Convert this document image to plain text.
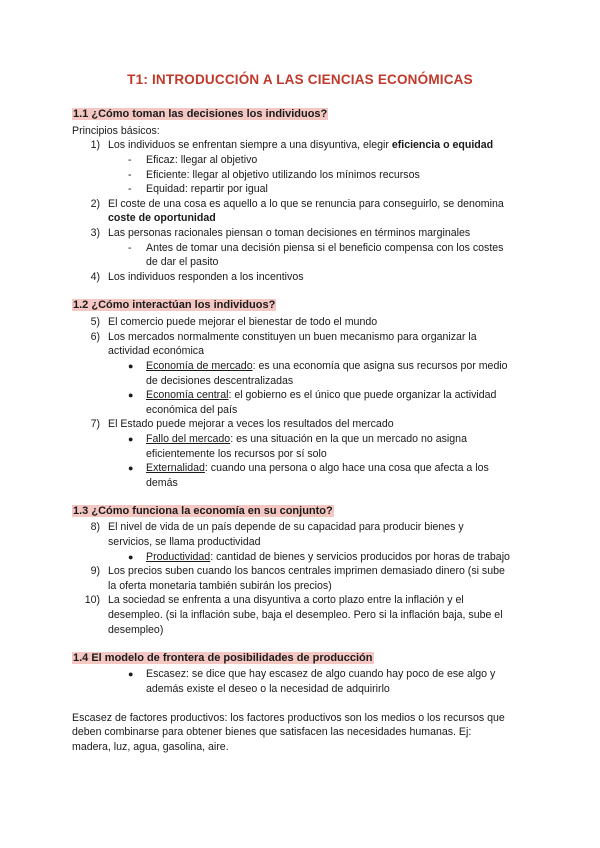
T1: INTRODUCCIÓN A LAS CIENCIAS ECONÓMICAS
1.1 ¿Cómo toman las decisiones los individuos?
Principios básicos:
1) Los individuos se enfrentan siempre a una disyuntiva, elegir eficiencia o equidad
- Eficaz: llegar al objetivo
- Eficiente: llegar al objetivo utilizando los mínimos recursos
- Equidad: repartir por igual
2) El coste de una cosa es aquello a lo que se renuncia para conseguirlo, se denomina
coste de oportunidad
3) Las personas racionales piensan o toman decisiones en términos marginales
- Antes de tomar una decisión piensa si el beneficio compensa con los costes
de dar el pasito
4) Los individuos responden a los incentivos
1.2 ¿Cómo interactúan los individuos?
5) El comercio puede mejorar el bienestar de todo el mundo
6) Los mercados normalmente constituyen un buen mecanismo para organizar la
actividad económica
● Economía de mercado: es una economía que asigna sus recursos por medio
de decisiones descentralizadas
● Economía central: el gobierno es el único que puede organizar la actividad
económica del país
7) El Estado puede mejorar a veces los resultados del mercado
● Fallo del mercado: es una situación en la que un mercado no asigna
eficientemente los recursos por sí solo
● Externalidad: cuando una persona o algo hace una cosa que afecta a los
demás
1.3 ¿Cómo funciona la economía en su conjunto?
8) El nivel de vida de un país depende de su capacidad para producir bienes y
servicios, se llama productividad
● Productividad: cantidad de bienes y servicios producidos por horas de trabajo
9) Los precios suben cuando los bancos centrales imprimen demasiado dinero (si sube
la oferta monetaria también subirán los precios)
10) La sociedad se enfrenta a una disyuntiva a corto plazo entre la inflación y el
desempleo. (si la inflación sube, baja el desempleo. Pero si la inflación baja, sube el
desempleo)
1.4 El modelo de frontera de posibilidades de producción
● Escasez: se dice que hay escasez de algo cuando hay poco de ese algo y
además existe el deseo o la necesidad de adquirirlo
Escasez de factores productivos: los factores productivos son los medios o los recursos que
deben combinarse para obtener bienes que satisfacen las necesidades humanas. Ej:
madera, luz, agua, gasolina, aire.
